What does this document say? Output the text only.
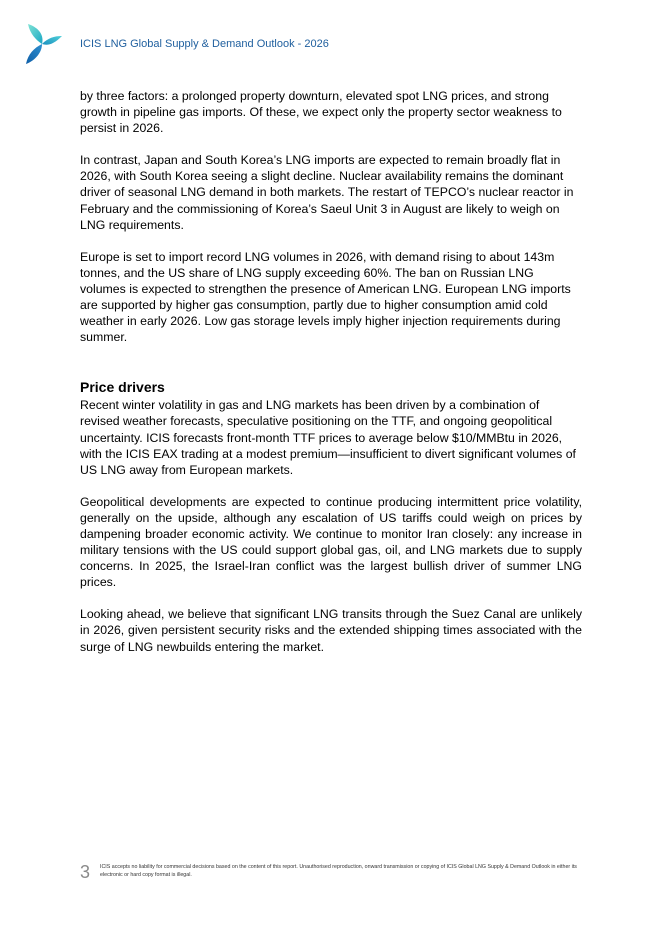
ICIS LNG Global Supply & Demand Outlook - 2026

by three factors: a prolonged property downturn, elevated spot LNG prices, and strong growth in pipeline gas imports. Of these, we expect only the property sector weakness to persist in 2026.

In contrast, Japan and South Korea’s LNG imports are expected to remain broadly flat in 2026, with South Korea seeing a slight decline. Nuclear availability remains the dominant driver of seasonal LNG demand in both markets. The restart of TEPCO’s nuclear reactor in February and the commissioning of Korea’s Saeul Unit 3 in August are likely to weigh on LNG requirements.

Europe is set to import record LNG volumes in 2026, with demand rising to about 143m tonnes, and the US share of LNG supply exceeding 60%. The ban on Russian LNG volumes is expected to strengthen the presence of American LNG. European LNG imports are supported by higher gas consumption, partly due to higher consumption amid cold weather in early 2026. Low gas storage levels imply higher injection requirements during summer.

Price drivers

Recent winter volatility in gas and LNG markets has been driven by a combination of revised weather forecasts, speculative positioning on the TTF, and ongoing geopolitical uncertainty. ICIS forecasts front-month TTF prices to average below $10/MMBtu in 2026, with the ICIS EAX trading at a modest premium—insufficient to divert significant volumes of US LNG away from European markets.

Geopolitical developments are expected to continue producing intermittent price volatility, generally on the upside, although any escalation of US tariffs could weigh on prices by dampening broader economic activity. We continue to monitor Iran closely: any increase in military tensions with the US could support global gas, oil, and LNG markets due to supply concerns. In 2025, the Israel-Iran conflict was the largest bullish driver of summer LNG prices.

Looking ahead, we believe that significant LNG transits through the Suez Canal are unlikely in 2026, given persistent security risks and the extended shipping times associated with the surge of LNG newbuilds entering the market.

3 ICIS accepts no liability for commercial decisions based on the content of this report. Unauthorised reproduction, onward transmission or copying of ICIS Global LNG Supply & Demand Outlook in either its electronic or hard copy format is illegal.
